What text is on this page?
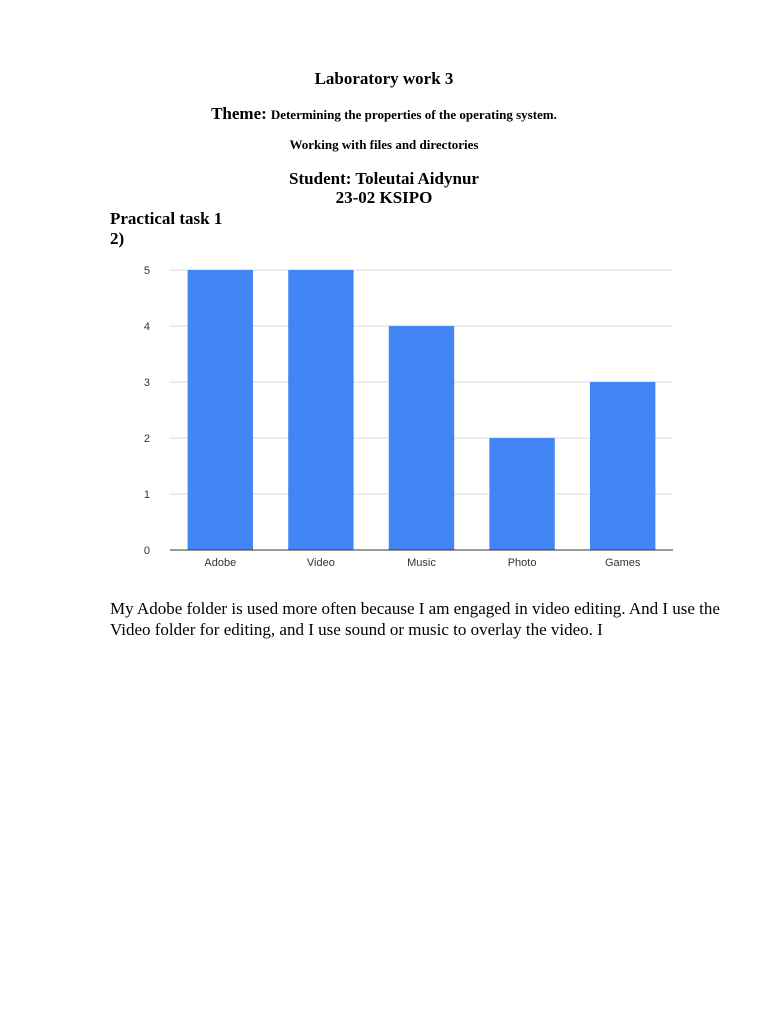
Laboratory work 3
Theme: Determining the properties of the operating system.
Working with files and directories
Student: Toleutai Aidynur
23-02 KSIPO
Practical task 1
2)
0
1
2
3
4
5
Adobe	Video	Music	Photo	Games
My Adobe folder is used more often because I am engaged in video editing. And I use the Video folder for editing, and I use sound or music to overlay the video. I
